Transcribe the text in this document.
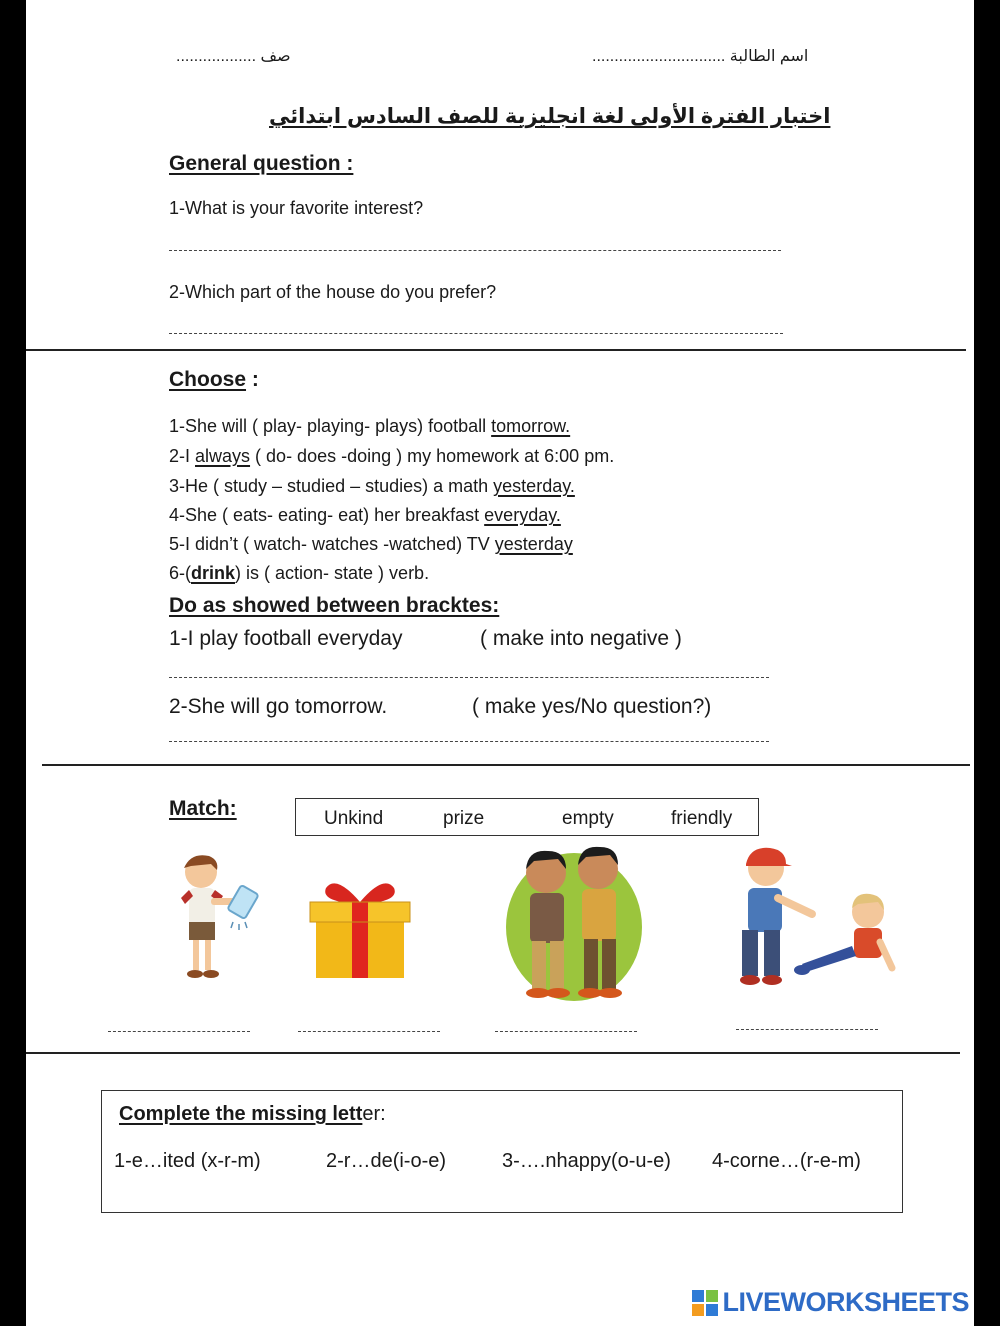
صف ..................	اسم الطالبة ..............................
اختبار الفترة الأولى لغة انجليزية للصف السادس ابتدائي
General question :
1-What is your favorite interest?
2-Which part of the house do you prefer?
Choose :
1-She will ( play- playing- plays) football tomorrow.
2-I always ( do- does -doing ) my homework at 6:00 pm.
3-He ( study – studied – studies) a math yesterday.
4-She ( eats- eating- eat) her breakfast everyday.
5-I didn’t ( watch- watches -watched) TV yesterday
6-(drink) is ( action- state ) verb.
Do as showed between bracktes:
1-I play football everyday	( make into negative )
2-She will go tomorrow.	( make yes/No question?)
Match:	Unkind	prize	empty	friendly
Complete the missing letter:
1-e…ited (x-r-m)	2-r…de(i-o-e)	3-….nhappy(o-u-e) 4-corne…(r-e-m)
LIVEWORKSHEETS
